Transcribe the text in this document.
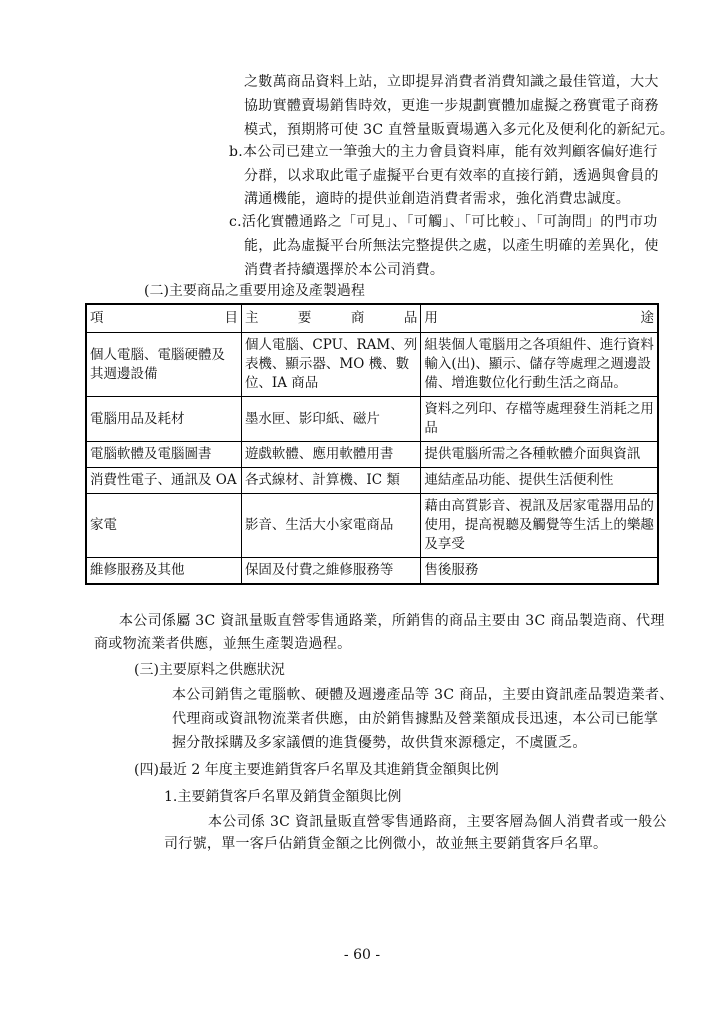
之數萬商品資料上站，立即提昇消費者消費知識之最佳管道，大大
協助實體賣場銷售時效，更進一步規劃實體加虛擬之務實電子商務
模式，預期將可使 3C 直營量販賣場邁入多元化及便利化的新紀元。
b.本公司已建立一筆強大的主力會員資料庫，能有效判顧客偏好進行
分群，以求取此電子虛擬平台更有效率的直接行銷，透過與會員的
溝通機能，適時的提供並創造消費者需求，強化消費忠誠度。
c.活化實體通路之「可見」、「可觸」、「可比較」、「可詢問」的門市功
能，此為虛擬平台所無法完整提供之處，以產生明確的差異化，使
消費者持續選擇於本公司消費。
(二)主要商品之重要用途及產製過程
項 目	主 要 商 品	用 途

個人電腦、電腦硬體及其週邊設備	個人電腦、CPU、RAM、列表機、顯示器、MO 機、數位、IA 商品	組裝個人電腦用之各項組件、進行資料輸入(出)、顯示、儲存等處理之週邊設備、增進數位化行動生活之商品。
電腦用品及耗材	墨水匣、影印紙、磁片	資料之列印、存檔等處理發生消耗之用品
電腦軟體及電腦圖書	遊戲軟體、應用軟體用書	提供電腦所需之各種軟體介面與資訊
消費性電子、通訊及 OA	各式線材、計算機、IC 類	連結產品功能、提供生活便利性
家電	影音、生活大小家電商品	藉由高質影音、視訊及居家電器用品的使用，提高視聽及觸覺等生活上的樂趣及享受
維修服務及其他	保固及付費之維修服務等	售後服務
本公司係屬 3C 資訊量販直營零售通路業，所銷售的商品主要由 3C 商品製造商、代理
商或物流業者供應，並無生產製造過程。
(三)主要原料之供應狀況
本公司銷售之電腦軟、硬體及週邊產品等 3C 商品，主要由資訊產品製造業者、
代理商或資訊物流業者供應，由於銷售據點及營業額成長迅速，本公司已能掌
握分散採購及多家議價的進貨優勢，故供貨來源穩定，不虞匱乏。
(四)最近 2 年度主要進銷貨客戶名單及其進銷貨金額與比例
1.主要銷貨客戶名單及銷貨金額與比例
本公司係 3C 資訊量販直營零售通路商，主要客層為個人消費者或一般公
司行號，單一客戶佔銷貨金額之比例微小，故並無主要銷貨客戶名單。
- 60 -
